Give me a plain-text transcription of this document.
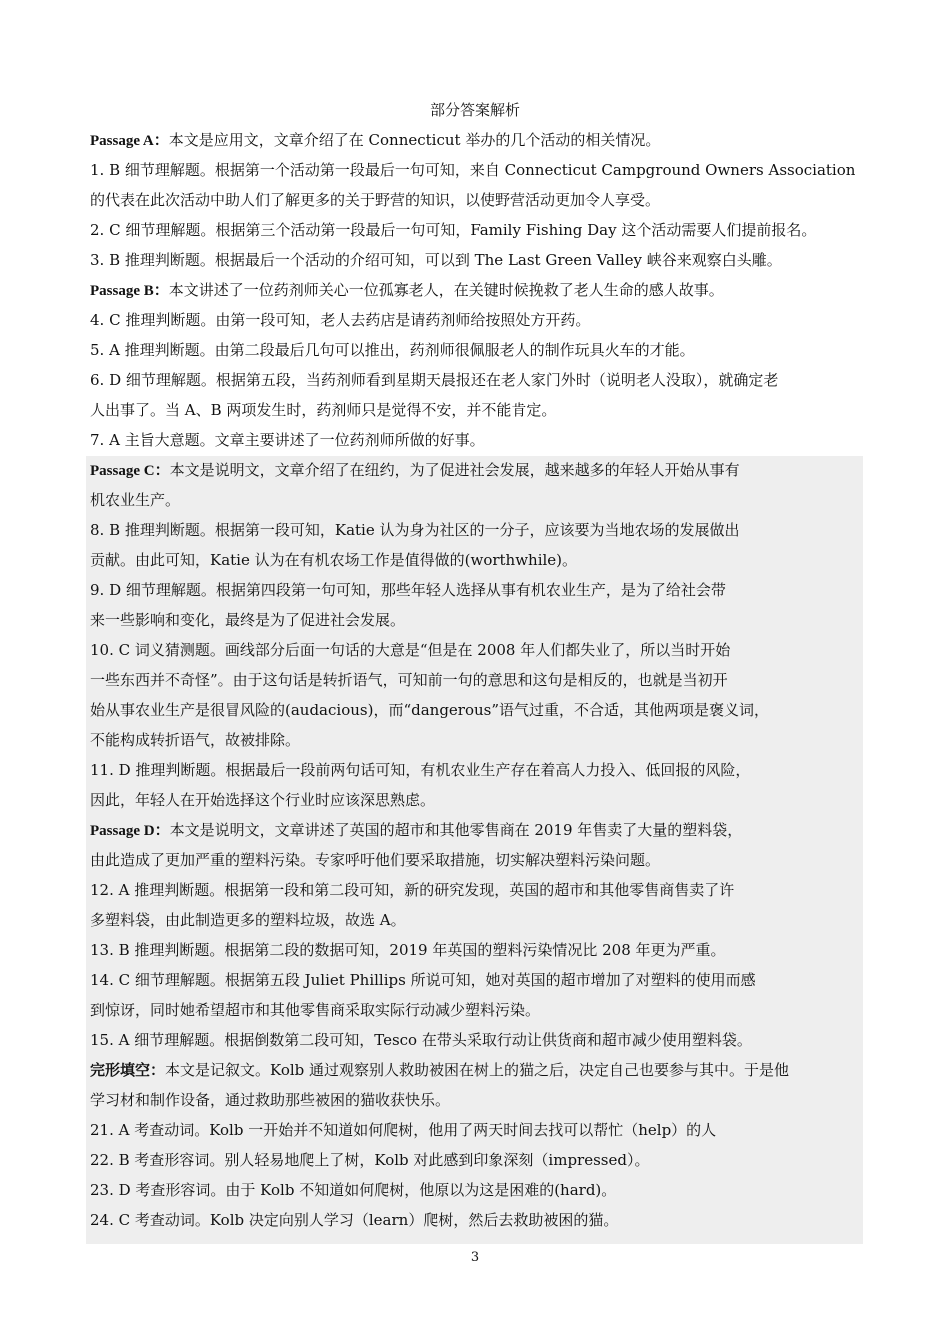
部分答案解析
Passage A：本文是应用文，文章介绍了在 Connecticut 举办的几个活动的相关情况。
1. B 细节理解题。根据第一个活动第一段最后一句可知，来自 Connecticut Campground Owners Association
的代表在此次活动中助人们了解更多的关于野营的知识，以使野营活动更加令人享受。
2. C 细节理解题。根据第三个活动第一段最后一句可知，Family Fishing Day 这个活动需要人们提前报名。
3. B 推理判断题。根据最后一个活动的介绍可知，可以到 The Last Green Valley 峡谷来观察白头雕。
Passage B：本文讲述了一位药剂师关心一位孤寡老人，在关键时候挽救了老人生命的感人故事。
4. C 推理判断题。由第一段可知，老人去药店是请药剂师给按照处方开药。
5. A 推理判断题。由第二段最后几句可以推出，药剂师很佩服老人的制作玩具火车的才能。
6. D 细节理解题。根据第五段，当药剂师看到星期天晨报还在老人家门外时（说明老人没取），就确定老
人出事了。当 A、B 两项发生时，药剂师只是觉得不安，并不能肯定。
7. A 主旨大意题。文章主要讲述了一位药剂师所做的好事。
Passage C：本文是说明文，文章介绍了在纽约，为了促进社会发展，越来越多的年轻人开始从事有
机农业生产。
8. B 推理判断题。根据第一段可知，Katie 认为身为社区的一分子，应该要为当地农场的发展做出
贡献。由此可知，Katie 认为在有机农场工作是值得做的(worthwhile)。
9. D 细节理解题。根据第四段第一句可知，那些年轻人选择从事有机农业生产，是为了给社会带
来一些影响和变化，最终是为了促进社会发展。
10. C 词义猜测题。画线部分后面一句话的大意是“但是在 2008 年人们都失业了，所以当时开始
一些东西并不奇怪”。由于这句话是转折语气，可知前一句的意思和这句是相反的，也就是当初开
始从事农业生产是很冒风险的(audacious)，而“dangerous”语气过重，不合适，其他两项是褒义词，
不能构成转折语气，故被排除。
11. D 推理判断题。根据最后一段前两句话可知，有机农业生产存在着高人力投入、低回报的风险，
因此，年轻人在开始选择这个行业时应该深思熟虑。
Passage D：本文是说明文，文章讲述了英国的超市和其他零售商在 2019 年售卖了大量的塑料袋，
由此造成了更加严重的塑料污染。专家呼吁他们要采取措施，切实解决塑料污染问题。
12. A 推理判断题。根据第一段和第二段可知，新的研究发现，英国的超市和其他零售商售卖了许
多塑料袋，由此制造更多的塑料垃圾，故选 A。
13. B 推理判断题。根据第二段的数据可知，2019 年英国的塑料污染情况比 208 年更为严重。
14. C 细节理解题。根据第五段 Juliet Phillips 所说可知，她对英国的超市增加了对塑料的使用而感
到惊讶，同时她希望超市和其他零售商采取实际行动减少塑料污染。
15. A 细节理解题。根据倒数第二段可知，Tesco 在带头采取行动让供货商和超市减少使用塑料袋。
完形填空：本文是记叙文。Kolb 通过观察别人救助被困在树上的猫之后，决定自己也要参与其中。于是他
学习材和制作设备，通过救助那些被困的猫收获快乐。
21. A 考查动词。Kolb 一开始并不知道如何爬树，他用了两天时间去找可以帮忙（help）的人
22. B 考查形容词。别人轻易地爬上了树，Kolb 对此感到印象深刻（impressed）。
23. D 考查形容词。由于 Kolb 不知道如何爬树，他原以为这是困难的(hard)。
24. C 考查动词。Kolb 决定向别人学习（learn）爬树，然后去救助被困的猫。
3
